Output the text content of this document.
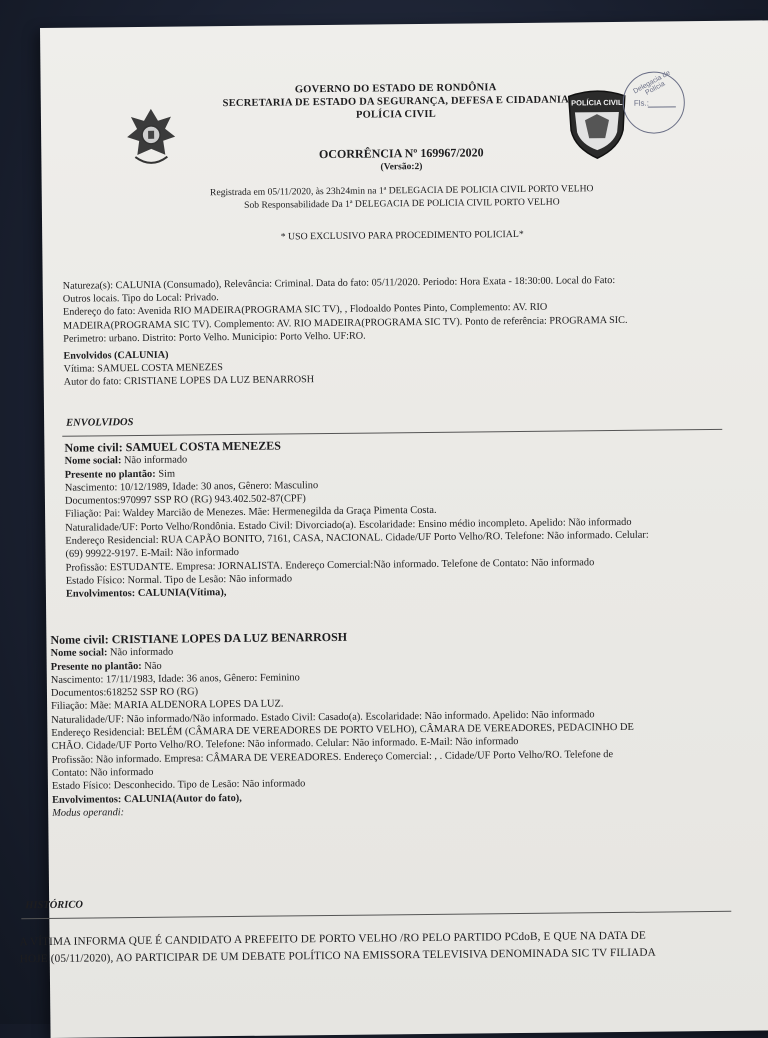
GOVERNO DO ESTADO DE RONDÔNIA
SECRETARIA DE ESTADO DA SEGURANÇA, DEFESA E CIDADANIA
POLÍCIA CIVIL
POLÍCIA CIVIL
Delegacia de Polícia
Fls.:
OCORRÊNCIA Nº 169967/2020
(Versão:2)
Registrada em 05/11/2020, às 23h24min na 1ª DELEGACIA DE POLICIA CIVIL PORTO VELHO
Sob Responsabilidade Da 1ª DELEGACIA DE POLICIA CIVIL PORTO VELHO
* USO EXCLUSIVO PARA PROCEDIMENTO POLICIAL*
Natureza(s): CALUNIA (Consumado), Relevância: Criminal. Data do fato: 05/11/2020. Periodo: Hora Exata - 18:30:00. Local do Fato:
Outros locais. Tipo do Local: Privado.
Endereço do fato: Avenida RIO MADEIRA(PROGRAMA SIC TV), , Flodoaldo Pontes Pinto, Complemento: AV. RIO
MADEIRA(PROGRAMA SIC TV). Complemento: AV. RIO MADEIRA(PROGRAMA SIC TV). Ponto de referência: PROGRAMA SIC.
Perimetro: urbano. Distrito: Porto Velho. Municipio: Porto Velho. UF:RO.
Envolvidos (CALUNIA)
Vítima: SAMUEL COSTA MENEZES
Autor do fato: CRISTIANE LOPES DA LUZ BENARROSH
ENVOLVIDOS
Nome civil: SAMUEL COSTA MENEZES
Nome social: Não informado
Presente no plantão: Sim
Nascimento: 10/12/1989, Idade: 30 anos, Gênero: Masculino
Documentos:970997 SSP RO (RG) 943.402.502-87(CPF)
Filiação: Pai: Waldey Marcião de Menezes. Mãe: Hermenegilda da Graça Pimenta Costa.
Naturalidade/UF: Porto Velho/Rondônia. Estado Civil: Divorciado(a). Escolaridade: Ensino médio incompleto. Apelido: Não informado
Endereço Residencial: RUA CAPÃO BONITO, 7161, CASA, NACIONAL. Cidade/UF Porto Velho/RO. Telefone: Não informado. Celular:
(69) 99922-9197. E-Mail: Não informado
Profissão: ESTUDANTE. Empresa: JORNALISTA. Endereço Comercial:Não informado. Telefone de Contato: Não informado
Estado Físico: Normal. Tipo de Lesão: Não informado
Envolvimentos: CALUNIA(Vítima),
Nome civil: CRISTIANE LOPES DA LUZ BENARROSH
Nome social: Não informado
Presente no plantão: Não
Nascimento: 17/11/1983, Idade: 36 anos, Gênero: Feminino
Documentos:618252 SSP RO (RG)
Filiação: Mãe: MARIA ALDENORA LOPES DA LUZ.
Naturalidade/UF: Não informado/Não informado. Estado Civil: Casado(a). Escolaridade: Não informado. Apelido: Não informado
Endereço Residencial: BELÉM (CÂMARA DE VEREADORES DE PORTO VELHO), CÂMARA DE VEREADORES, PEDACINHO DE
CHÃO. Cidade/UF Porto Velho/RO. Telefone: Não informado. Celular: Não informado. E-Mail: Não informado
Profissão: Não informado. Empresa: CÂMARA DE VEREADORES. Endereço Comercial: , . Cidade/UF Porto Velho/RO. Telefone de
Contato: Não informado
Estado Físico: Desconhecido. Tipo de Lesão: Não informado
Envolvimentos: CALUNIA(Autor do fato),
Modus operandi:
HISTÓRICO
A VÍTIMA INFORMA QUE É CANDIDATO A PREFEITO DE PORTO VELHO /RO PELO PARTIDO PCdoB, E QUE NA DATA DE
HOJE (05/11/2020), AO PARTICIPAR DE UM DEBATE POLÍTICO NA EMISSORA TELEVISIVA DENOMINADA SIC TV FILIADA
